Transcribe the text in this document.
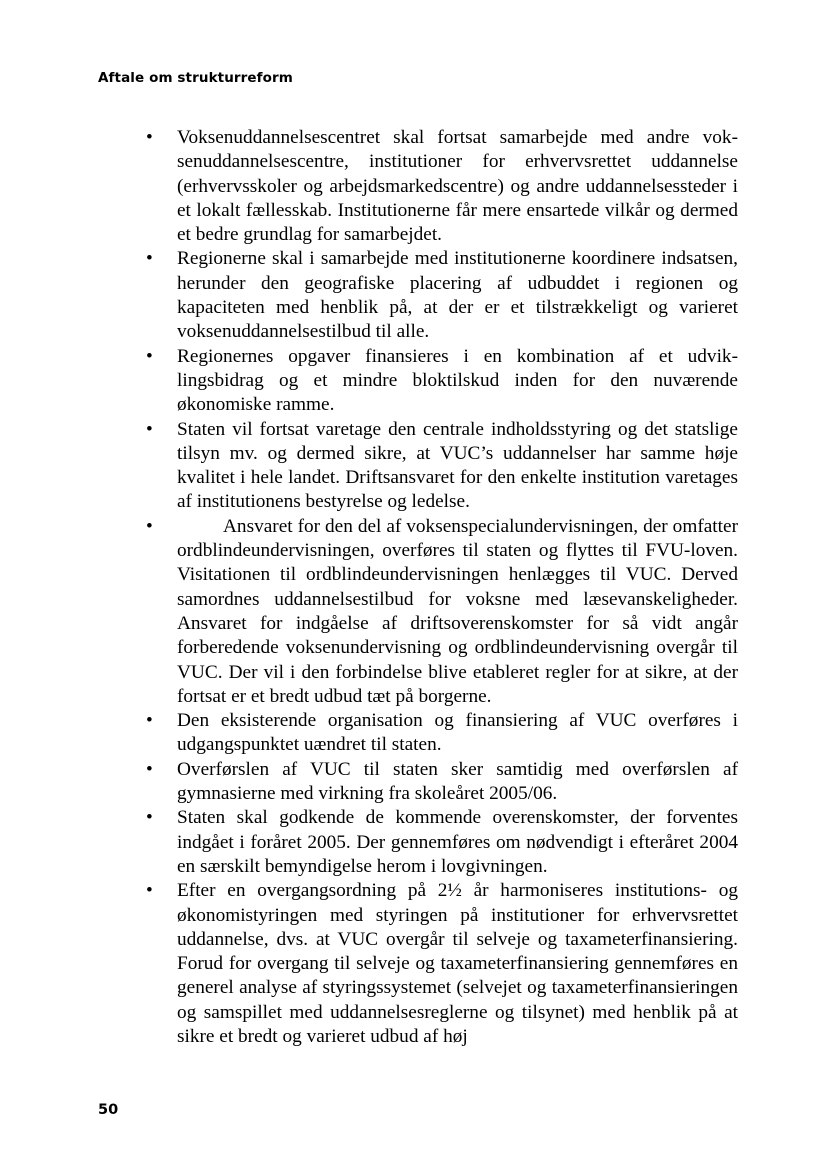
Aftale om strukturreform
• Voksenuddannelsescentret skal fortsat samarbejde med andre voksenuddannelsescentre, institutioner for erhvervsrettet uddannelse (erhvervsskoler og arbejdsmarkedscentre) og andre uddannelsessteder i et lokalt fællesskab. Institutionerne får mere ensartede vilkår og dermed et bedre grundlag for samarbejdet.
• Regionerne skal i samarbejde med institutionerne koordinere indsatsen, herunder den geografiske placering af udbuddet i regionen og kapaciteten med henblik på, at der er et tilstrækkeligt og varieret voksenuddannelsestilbud til alle.
• Regionernes opgaver finansieres i en kombination af et udviklingsbidrag og et mindre bloktilskud inden for den nuværende økonomiske ramme.
• Staten vil fortsat varetage den centrale indholdsstyring og det statslige tilsyn mv. og dermed sikre, at VUC’s uddannelser har samme høje kvalitet i hele landet. Driftsansvaret for den enkelte institution varetages af institutionens bestyrelse og ledelse.
•	Ansvaret for den del af voksenspecialundervisningen, der omfatter ordblindeundervisningen, overføres til staten og flyttes til FVU-loven. Visitationen til ordblindeundervisningen henlægges til VUC. Derved samordnes uddannelsestilbud for voksne med læsevanskeligheder. Ansvaret for indgåelse af driftsoverenskomster for så vidt angår forberedende voksenundervisning og ordblindeundervisning overgår til VUC. Der vil i den forbindelse blive etableret regler for at sikre, at der fortsat er et bredt udbud tæt på borgerne.
• Den eksisterende organisation og finansiering af VUC overføres i udgangspunktet uændret til staten.
• Overførslen af VUC til staten sker samtidig med overførslen af gymnasierne med virkning fra skoleåret 2005/06.
• Staten skal godkende de kommende overenskomster, der forventes indgået i foråret 2005. Der gennemføres om nødvendigt i efteråret 2004 en særskilt bemyndigelse herom i lovgivningen.
• Efter en overgangsordning på 2½ år harmoniseres institutions- og økonomistyringen med styringen på institutioner for erhvervsrettet uddannelse, dvs. at VUC overgår til selveje og taxameterfinansiering. Forud for overgang til selveje og taxameterfinansiering gennemføres en generel analyse af styringssystemet (selvejet og taxameterfinansieringen og samspillet med uddannelsesreglerne og tilsynet) med henblik på at sikre et bredt og varieret udbud af høj
50
